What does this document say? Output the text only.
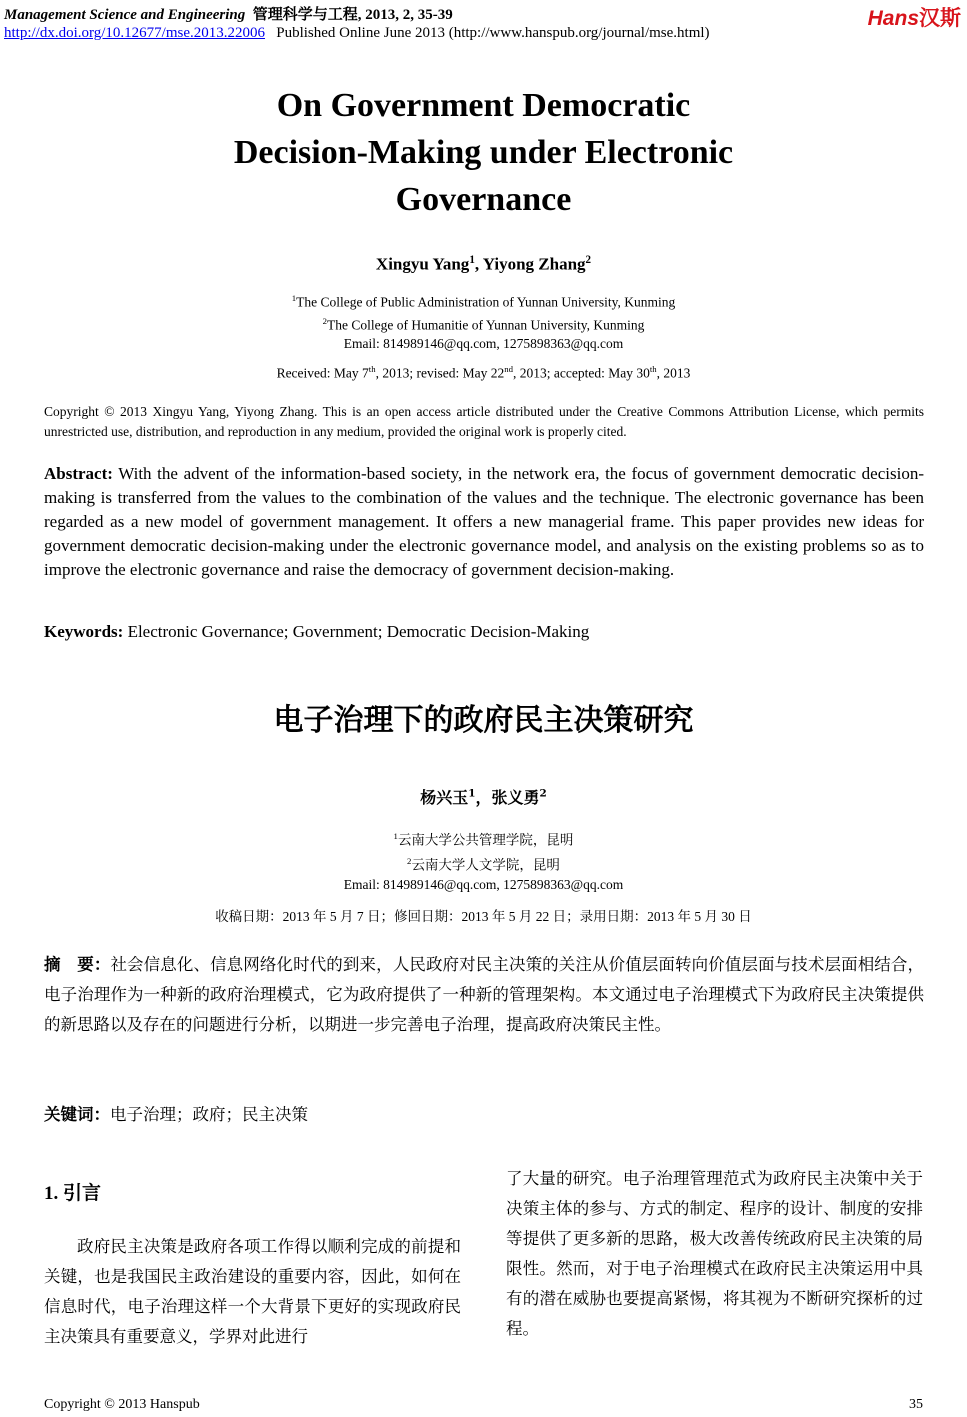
Management Science and Engineering 管理科学与工程, 2013, 2, 35-39
http://dx.doi.org/10.12677/mse.2013.22006 Published Online June 2013 (http://www.hanspub.org/journal/mse.html)
Hans汉斯
On Government Democratic
Decision-Making under Electronic
Governance
Xingyu Yang$^1$, Yiyong Zhang$^2$
$^1$The College of Public Administration of Yunnan University, Kunming
$^2$The College of Humanitie of Yunnan University, Kunming
Email: 814989146@qq.com, 1275898363@qq.com
Received: May 7th, 2013; revised: May 22nd, 2013; accepted: May 30th, 2013
Copyright © 2013 Xingyu Yang, Yiyong Zhang. This is an open access article distributed under the Creative Commons Attribution License, which permits unrestricted use, distribution, and reproduction in any medium, provided the original work is properly cited.
Abstract: With the advent of the information-based society, in the network era, the focus of government democratic decision-making is transferred from the values to the combination of the values and the technique. The electronic governance has been regarded as a new model of government management. It offers a new managerial frame. This paper provides new ideas for government democratic decision-making under the electronic governance model, and analysis on the existing problems so as to improve the electronic governance and raise the democracy of government decision-making.
Keywords: Electronic Governance; Government; Democratic Decision-Making
电子治理下的政府民主决策研究
杨兴玉$^1$，张义勇$^2$
$^1$云南大学公共管理学院，昆明
$^2$云南大学人文学院，昆明
Email: 814989146@qq.com, 1275898363@qq.com
收稿日期：2013 年 5 月 7 日；修回日期：2013 年 5 月 22 日；录用日期：2013 年 5 月 30 日
摘　要：社会信息化、信息网络化时代的到来，人民政府对民主决策的关注从价值层面转向价值层面与技术层面相结合，电子治理作为一种新的政府治理模式，它为政府提供了一种新的管理架构。本文通过电子治理模式下为政府民主决策提供的新思路以及存在的问题进行分析，以期进一步完善电子治理，提高政府决策民主性。
关键词：电子治理；政府；民主决策
1. 引言
政府民主决策是政府各项工作得以顺利完成的前提和关键，也是我国民主政治建设的重要内容，因此，如何在信息时代，电子治理这样一个大背景下更好的实现政府民主决策具有重要意义，学界对此进行
了大量的研究。电子治理管理范式为政府民主决策中关于决策主体的参与、方式的制定、程序的设计、制度的安排等提供了更多新的思路，极大改善传统政府民主决策的局限性。然而，对于电子治理模式在政府民主决策运用中具有的潜在威胁也要提高紧惕，将其视为不断研究探析的过程。
Copyright © 2013 Hanspub	35
